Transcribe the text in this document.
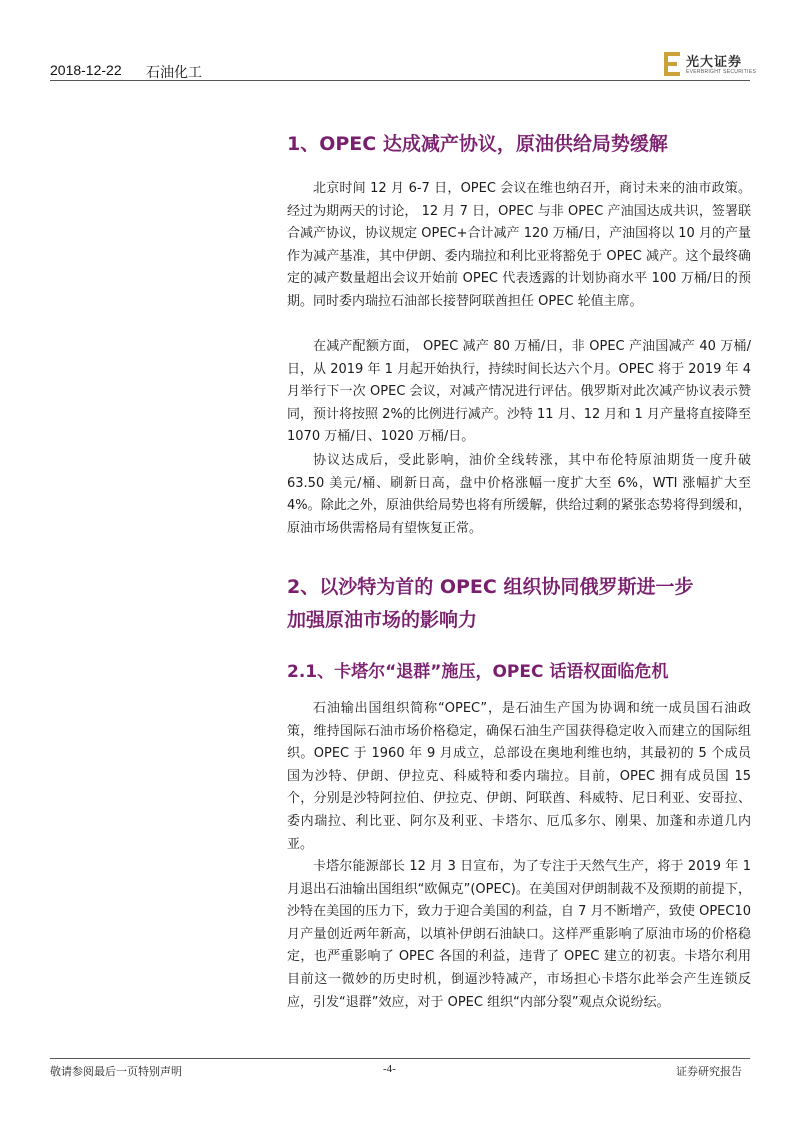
2018-12-22 石油化工
光大证券
EVERBRIGHT SECURITIES
1、OPEC 达成减产协议，原油供给局势缓解

北京时间 12 月 6-7 日，OPEC 会议在维也纳召开，商讨未来的油市政策。经过为期两天的讨论， 12 月 7 日，OPEC 与非 OPEC 产油国达成共识，签署联合减产协议，协议规定 OPEC+合计减产 120 万桶/日，产油国将以 10 月的产量作为减产基准，其中伊朗、委内瑞拉和利比亚将豁免于 OPEC 减产。这个最终确定的减产数量超出会议开始前 OPEC 代表透露的计划协商水平 100 万桶/日的预期。同时委内瑞拉石油部长接替阿联酋担任 OPEC 轮值主席。

在减产配额方面， OPEC 减产 80 万桶/日，非 OPEC 产油国减产 40 万桶/日，从 2019 年 1 月起开始执行，持续时间长达六个月。OPEC 将于 2019 年 4 月举行下一次 OPEC 会议，对减产情况进行评估。俄罗斯对此次减产协议表示赞同，预计将按照 2%的比例进行减产。沙特 11 月、12 月和 1 月产量将直接降至 1070 万桶/日、1020 万桶/日。

协议达成后，受此影响，油价全线转涨，其中布伦特原油期货一度升破 63.50 美元/桶、刷新日高，盘中价格涨幅一度扩大至 6%，WTI 涨幅扩大至 4%。除此之外，原油供给局势也将有所缓解，供给过剩的紧张态势将得到缓和，原油市场供需格局有望恢复正常。

2、以沙特为首的 OPEC 组织协同俄罗斯进一步
加强原油市场的影响力
2.1、卡塔尔“退群”施压，OPEC 话语权面临危机

石油输出国组织简称“OPEC”，是石油生产国为协调和统一成员国石油政策，维持国际石油市场价格稳定，确保石油生产国获得稳定收入而建立的国际组织。OPEC 于 1960 年 9 月成立，总部设在奥地利维也纳，其最初的 5 个成员国为沙特、伊朗、伊拉克、科威特和委内瑞拉。目前，OPEC 拥有成员国 15 个，分别是沙特阿拉伯、伊拉克、伊朗、阿联酋、科威特、尼日利亚、安哥拉、委内瑞拉、利比亚、阿尔及利亚、卡塔尔、厄瓜多尔、刚果、加蓬和赤道几内亚。

卡塔尔能源部长 12 月 3 日宣布，为了专注于天然气生产，将于 2019 年 1 月退出石油输出国组织“欧佩克”(OPEC)。在美国对伊朗制裁不及预期的前提下，沙特在美国的压力下，致力于迎合美国的利益，自 7 月不断增产，致使 OPEC10 月产量创近两年新高，以填补伊朗石油缺口。这样严重影响了原油市场的价格稳定，也严重影响了 OPEC 各国的利益，违背了 OPEC 建立的初衷。卡塔尔利用目前这一微妙的历史时机，倒逼沙特减产，市场担心卡塔尔此举会产生连锁反应，引发“退群”效应，对于 OPEC 组织“内部分裂”观点众说纷纭。

敬请参阅最后一页特别声明	-4-	证券研究报告
